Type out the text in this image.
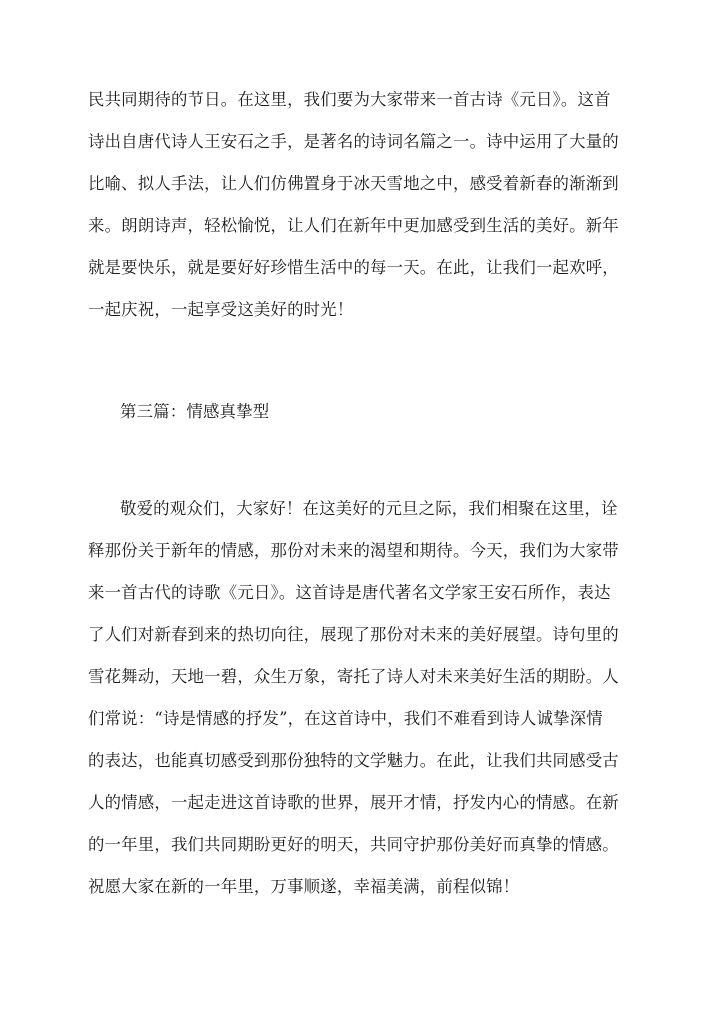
民共同期待的节日。在这里，我们要为大家带来一首古诗《元日》。这首
诗出自唐代诗人王安石之手，是著名的诗词名篇之一。诗中运用了大量的
比喻、拟人手法，让人们仿佛置身于冰天雪地之中，感受着新春的渐渐到
来。朗朗诗声，轻松愉悦，让人们在新年中更加感受到生活的美好。新年
就是要快乐，就是要好好珍惜生活中的每一天。在此，让我们一起欢呼，
一起庆祝，一起享受这美好的时光！
第三篇：情感真挚型
敬爱的观众们，大家好！在这美好的元旦之际，我们相聚在这里，诠
释那份关于新年的情感，那份对未来的渴望和期待。今天，我们为大家带
来一首古代的诗歌《元日》。这首诗是唐代著名文学家王安石所作，表达
了人们对新春到来的热切向往，展现了那份对未来的美好展望。诗句里的
雪花舞动，天地一碧，众生万象，寄托了诗人对未来美好生活的期盼。人
们常说：“诗是情感的抒发”，在这首诗中，我们不难看到诗人诚挚深情
的表达，也能真切感受到那份独特的文学魅力。在此，让我们共同感受古
人的情感，一起走进这首诗歌的世界，展开才情，抒发内心的情感。在新
的一年里，我们共同期盼更好的明天，共同守护那份美好而真挚的情感。
祝愿大家在新的一年里，万事顺遂，幸福美满，前程似锦！
